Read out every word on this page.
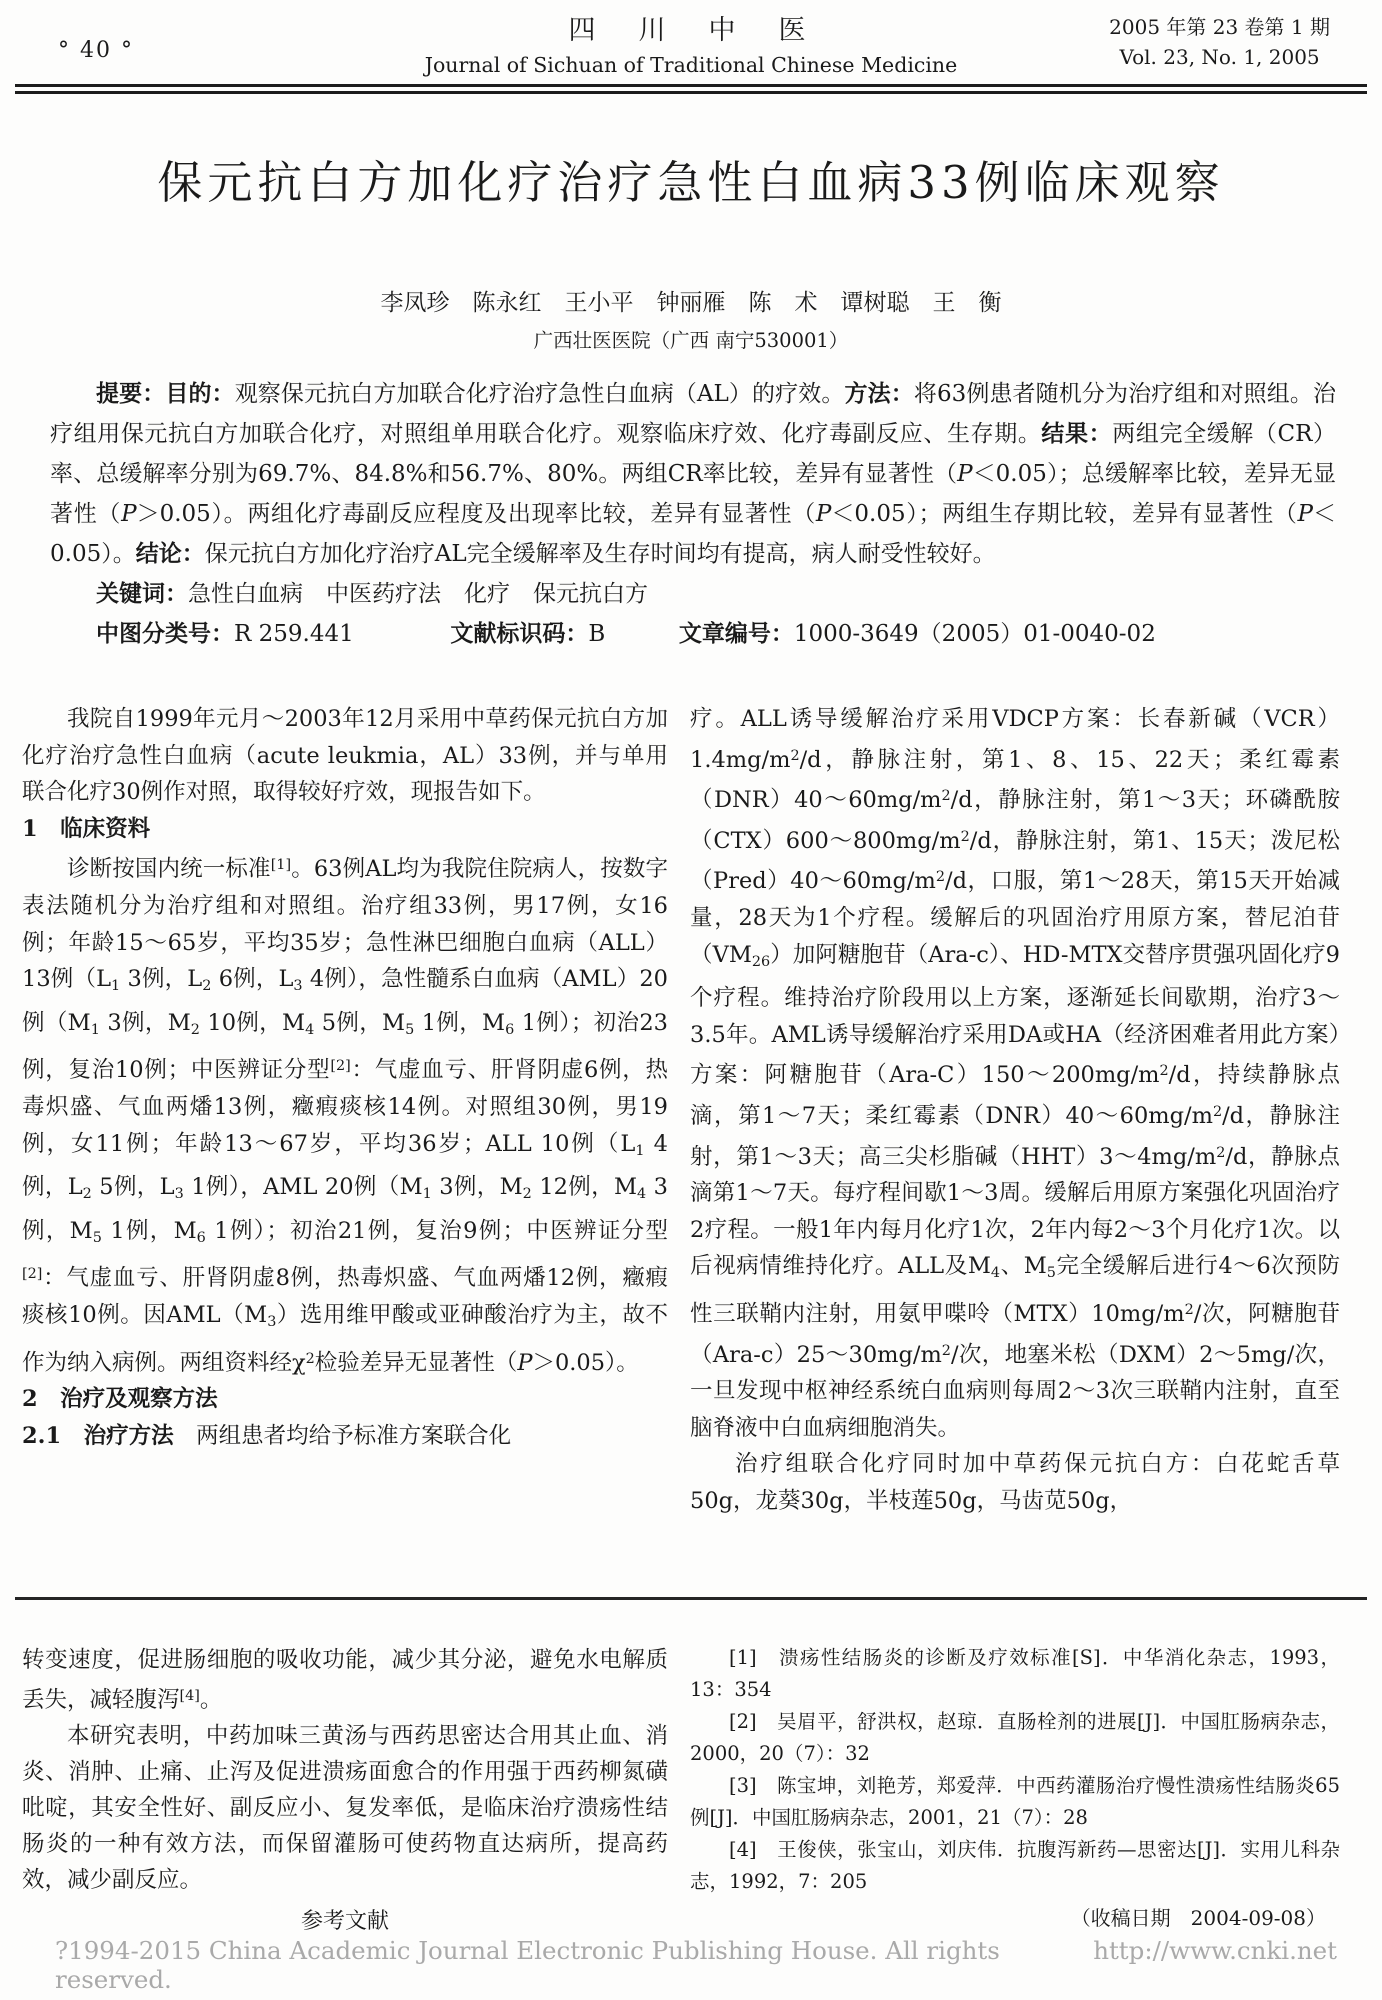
° 40 °
四　川　中　医
Journal of Sichuan of Traditional Chinese Medicine
2005 年第 23 卷第 1 期
Vol. 23, No. 1, 2005
保元抗白方加化疗治疗急性白血病33例临床观察
李凤珍　陈永红　王小平　钟丽雁　陈　术　谭树聪　王　衡
广西壮医医院（广西 南宁530001）

提要：目的：观察保元抗白方加联合化疗治疗急性白血病（AL）的疗效。方法：将63例患者随机分为治疗组和对照组。治疗组用保元抗白方加联合化疗，对照组单用联合化疗。观察临床疗效、化疗毒副反应、生存期。结果：两组完全缓解（CR）率、总缓解率分别为69.7%、84.8%和56.7%、80%。两组CR率比较，差异有显著性（P＜0.05）；总缓解率比较，差异无显著性（P＞0.05）。两组化疗毒副反应程度及出现率比较，差异有显著性（P＜0.05）；两组生存期比较，差异有显著性（P＜0.05）。结论：保元抗白方加化疗治疗AL完全缓解率及生存时间均有提高，病人耐受性较好。

关键词：急性白血病　中医药疗法　化疗　保元抗白方

中图分类号：R 259.441	文献标识码：B	文章编号：1000-3649（2005）01-0040-02

我院自1999年元月～2003年12月采用中草药保元抗白方加化疗治疗急性白血病（acute leukmia，AL）33例，并与单用联合化疗30例作对照，取得较好疗效，现报告如下。

1　临床资料

诊断按国内统一标准[1]。63例AL均为我院住院病人，按数字表法随机分为治疗组和对照组。治疗组33例，男17例，女16例；年龄15～65岁，平均35岁；急性淋巴细胞白血病（ALL）13例（$L_1$ 3例，$L_2$ 6例，$L_3$ 4例），急性髓系白血病（AML）20例（$M_1$ 3例，$M_2$ 10例，$M_4$ 5例，$M_5$ 1例，$M_6$ 1例）；初治23例，复治10例；中医辨证分型[2]：气虚血亏、肝肾阴虚6例，热毒炽盛、气血两燔13例，癥瘕痰核14例。对照组30例，男19例，女11例；年龄13～67岁，平均36岁；ALL 10例（$L_1$ 4例，$L_2$ 5例，$L_3$ 1例），AML 20例（$M_1$ 3例，$M_2$ 12例，$M_4$ 3例，$M_5$ 1例，$M_6$ 1例）；初治21例，复治9例；中医辨证分型[2]：气虚血亏、肝肾阴虚8例，热毒炽盛、气血两燔12例，癥瘕痰核10例。因$AML(M_3)$选用维甲酸或亚砷酸治疗为主，故不作为纳入病例。两组资料经$\chi^2$检验差异无显著性（P＞0.05）。

2　治疗及观察方法

2.1　治疗方法　两组患者均给予标准方案联合化

疗。ALL诱导缓解治疗采用VDCP方案：长春新碱$(VCR)1.4mg/m^2/d$，静脉注射，第1、8、15、22天；柔红霉素$(DNR)40\sim 60mg/m^2/d$，静脉注射，第1～3天；环磷酰胺$(CTX)600\sim 800mg/m^2/d$，静脉注射，第1、15天；泼尼松$(Pred)40\sim 60mg/m^2/d$，口服，第1～28天，第15天开始减量，28天为1个疗程。缓解后的巩固治疗用原方案，替尼泊苷$(VM_{26})$加阿糖胞苷（Ara-c）、HD-MTX交替序贯强巩固化疗9个疗程。维持治疗阶段用以上方案，逐渐延长间歇期，治疗3～3.5年。AML诱导缓解治疗采用DA或HA（经济困难者用此方案）方案：阿糖胞苷$(Ara-C)150\sim 200mg/m^2/d$，持续静脉点滴，第1～7天；柔红霉素$(DNR)40\sim 60mg/m^2/d$，静脉注射，第1～3天；高三尖杉脂碱$(HHT)3\sim 4mg/m^2/d$，静脉点滴第1～7天。每疗程间歇1～3周。缓解后用原方案强化巩固治疗2疗程。一般1年内每月化疗1次，2年内每2～3个月化疗1次。以后视病情维持化疗。ALL及$M_4$、$M_5$完全缓解后进行4～6次预防性三联鞘内注射，用氨甲喋呤$(MTX)10mg/m^2/$次，阿糖胞苷$(Ara-c)25\sim 30mg/m^2/$次，地塞米松（DXM）2～5mg/次，一旦发现中枢神经系统白血病则每周2～3次三联鞘内注射，直至脑脊液中白血病细胞消失。

治疗组联合化疗同时加中草药保元抗白方：白花蛇舌草50g，龙葵30g，半枝莲50g，马齿苋50g，

转变速度，促进肠细胞的吸收功能，减少其分泌，避免水电解质丢失，减轻腹泻[4]。

本研究表明，中药加味三黄汤与西药思密达合用其止血、消炎、消肿、止痛、止泻及促进溃疡面愈合的作用强于西药柳氮磺吡啶，其安全性好、副反应小、复发率低，是临床治疗溃疡性结肠炎的一种有效方法，而保留灌肠可使药物直达病所，提高药效，减少副反应。

参考文献

[1]　溃疡性结肠炎的诊断及疗效标准[S]．中华消化杂志，1993，13：354

[2]　吴眉平，舒洪权，赵琼．直肠栓剂的进展[J]．中国肛肠病杂志，2000，20（7）：32

[3]　陈宝坤，刘艳芳，郑爱萍．中西药灌肠治疗慢性溃疡性结肠炎65例[J]．中国肛肠病杂志，2001，21（7）：28

[4]　王俊侠，张宝山，刘庆伟．抗腹泻新药—思密达[J]．实用儿科杂志，1992，7：205

（收稿日期　2004-09-08）

?1994-2015 China Academic Journal Electronic Publishing House. All rights reserved.
http://www.cnki.net
